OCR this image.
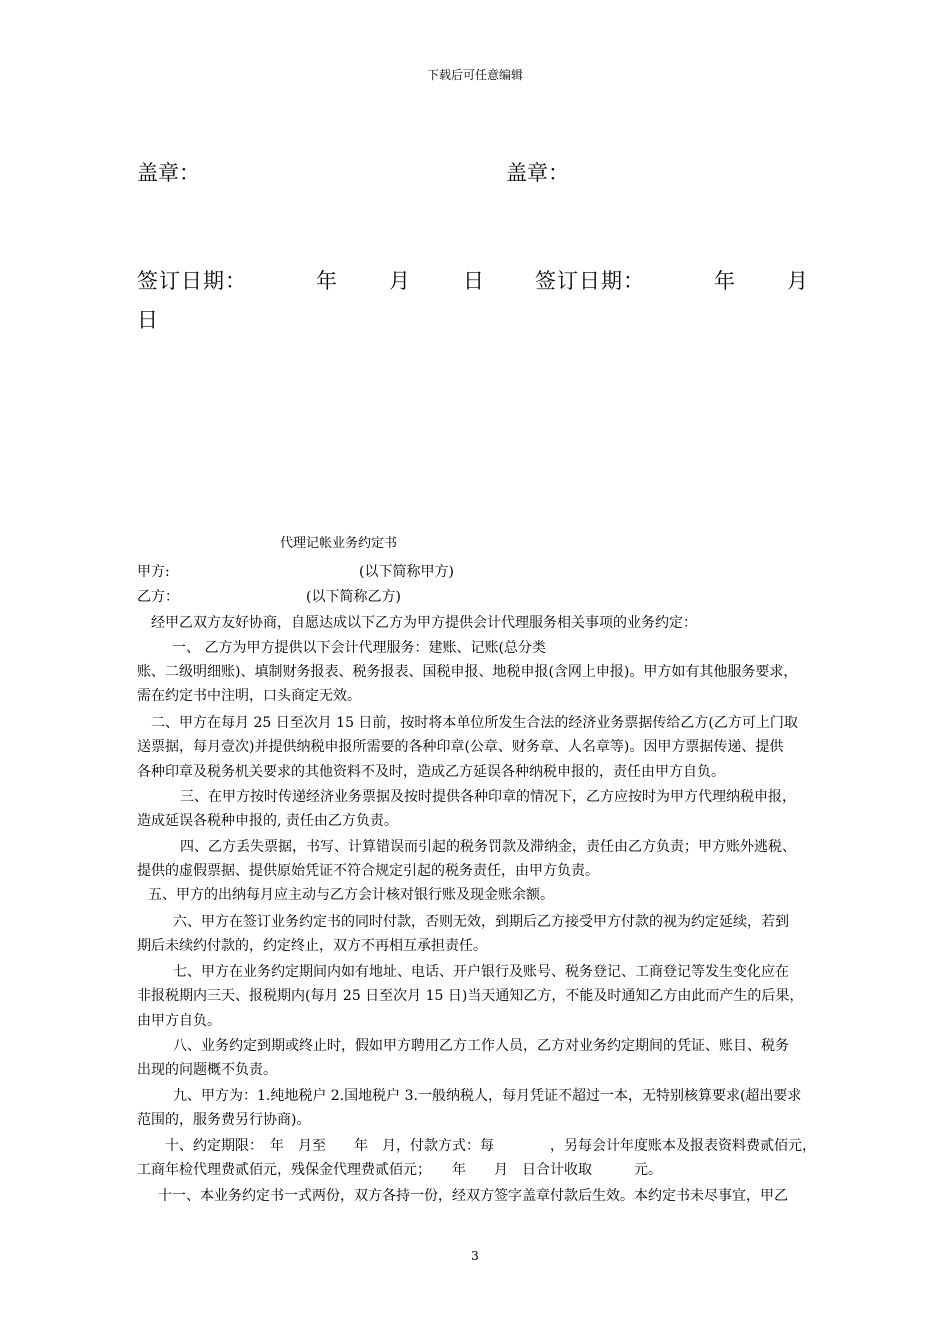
下载后可任意编辑
盖章：	盖章：
签订日期：	年 月	日 签订日期：	年 月
日
代理记帐业务约定书
甲方:	(以下简称甲方)
乙方：	(以下简称乙方)
经甲乙双方友好协商，自愿达成以下乙方为甲方提供会计代理服务相关事项的业务约定：
一、 乙方为甲方提供以下会计代理服务：建账、记账(总分类
账、二级明细账)、填制财务报表、税务报表、国税申报、地税申报(含网上申报)。甲方如有其他服务要求，
需在约定书中注明，口头商定无效。
二、甲方在每月 25 日至次月 15 日前，按时将本单位所发生合法的经济业务票据传给乙方(乙方可上门取
送票据，每月壹次)并提供纳税申报所需要的各种印章(公章、财务章、人名章等)。因甲方票据传递、提供
各种印章及税务机关要求的其他资料不及时，造成乙方延误各种纳税申报的，责任由甲方自负。
三、在甲方按时传递经济业务票据及按时提供各种印章的情况下，乙方应按时为甲方代理纳税申报，
造成延误各税种申报的, 责任由乙方负责。
四、乙方丢失票据，书写、计算错误而引起的税务罚款及滞纳金，责任由乙方负责；甲方账外逃税、
提供的虚假票据、提供原始凭证不符合规定引起的税务责任，由甲方负责。
五、甲方的出纳每月应主动与乙方会计核对银行账及现金账余额。
六、甲方在签订业务约定书的同时付款，否则无效，到期后乙方接受甲方付款的视为约定延续，若到
期后未续约付款的，约定终止，双方不再相互承担责任。
七、甲方在业务约定期间内如有地址、电话、开户银行及账号、税务登记、工商登记等发生变化应在
非报税期内三天、报税期内(每月 25 日至次月 15 日)当天通知乙方，不能及时通知乙方由此而产生的后果，
由甲方自负。
八、业务约定到期或终止时，假如甲方聘用乙方工作人员，乙方对业务约定期间的凭证、账目、税务
出现的问题概不负责。
九、甲方为：1.纯地税户 2.国地税户 3.一般纳税人，每月凭证不超过一本，无特别核算要求(超出要求
范围的，服务费另行协商)。
十、约定期限：　年　月至　　年　月，付款方式：每　　　　，另每会计年度账本及报表资料费贰佰元，
工商年检代理费贰佰元，残保金代理费贰佰元；　　年　　月　日合计收取　　　元。
十一、本业务约定书一式两份，双方各持一份，经双方签字盖章付款后生效。本约定书未尽事宜，甲乙
3
